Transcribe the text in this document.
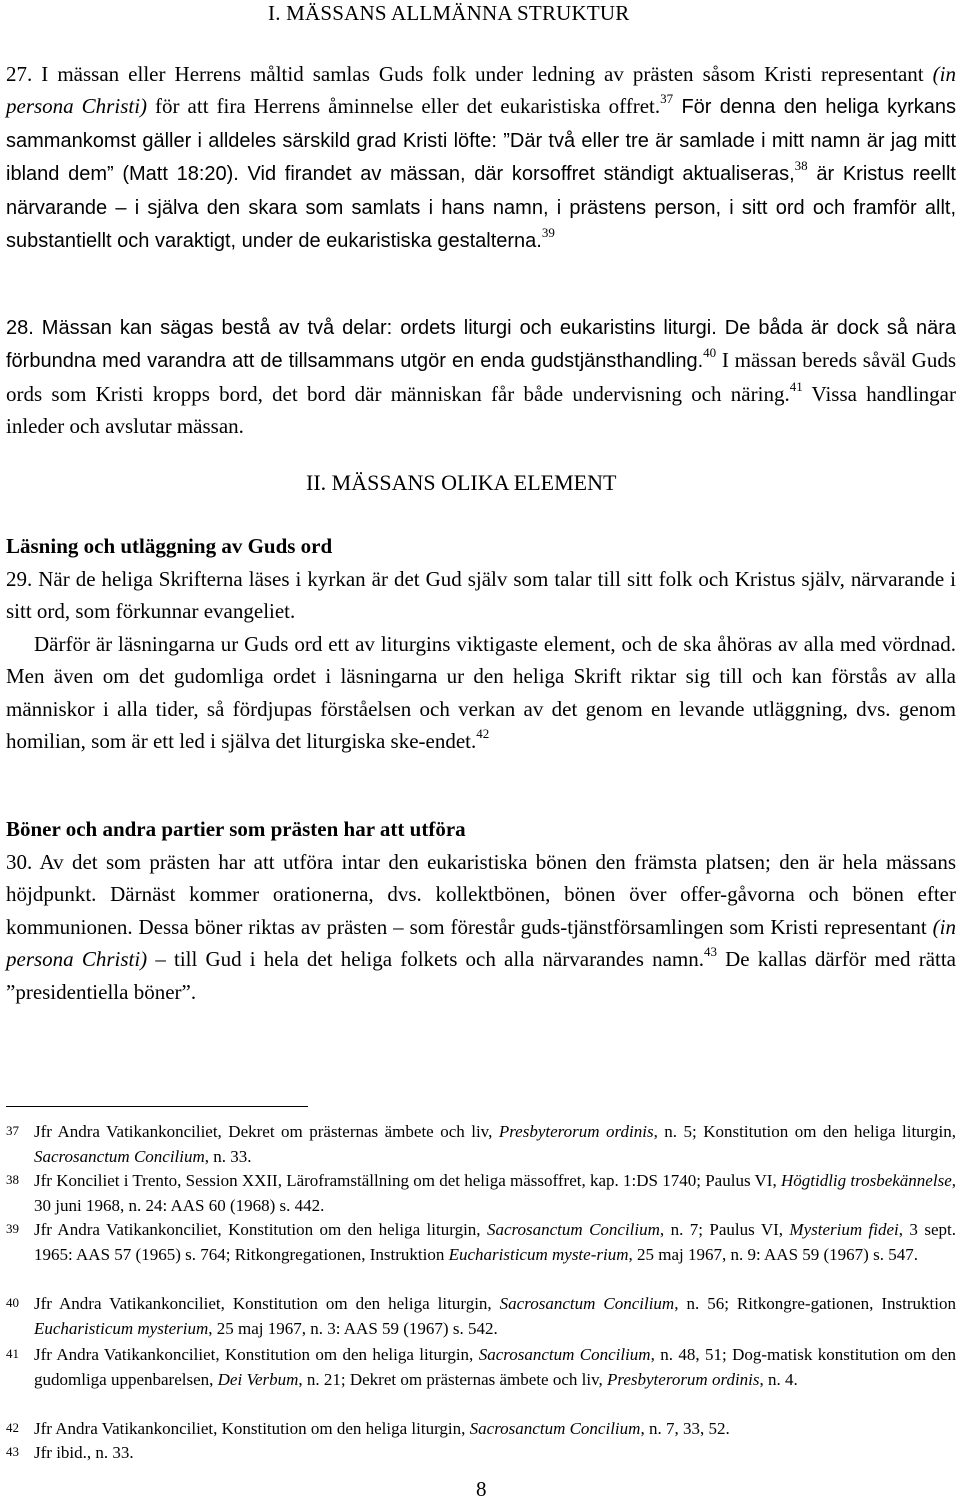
I. MÄSSANS ALLMÄNNA STRUKTUR
27. I mässan eller Herrens måltid samlas Guds folk under ledning av prästen såsom Kristi representant (in persona Christi) för att fira Herrens åminnelse eller det eukaristiska offret.$^{37}$ För denna den heliga kyrkans sammankomst gäller i alldeles särskild grad Kristi löfte: ”Där två eller tre är samlade i mitt namn är jag mitt ibland dem” (Matt 18:20). Vid firandet av mässan, där korsoffret ständigt aktualiseras,$^{38}$ är Kristus reellt närvarande – i själva den skara som samlats i hans namn, i prästens person, i sitt ord och framför allt, substantiellt och varaktigt, under de eukaristiska gestalterna.$^{39}$
28. Mässan kan sägas bestå av två delar: ordets liturgi och eukaristins liturgi. De båda är dock så nära förbundna med varandra att de tillsammans utgör en enda gudstjänsthandling.$^{40}$ I mässan bereds såväl Guds ords som Kristi kropps bord, det bord där människan får både undervisning och näring.$^{41}$ Vissa handlingar inleder och avslutar mässan.
II. MÄSSANS OLIKA ELEMENT
Läsning och utläggning av Guds ord
29. När de heliga Skrifterna läses i kyrkan är det Gud själv som talar till sitt folk och Kristus själv, närvarande i sitt ord, som förkunnar evangeliet.
Därför är läsningarna ur Guds ord ett av liturgins viktigaste element, och de ska åhöras av alla med vördnad. Men även om det gudomliga ordet i läsningarna ur den heliga Skrift riktar sig till och kan förstås av alla människor i alla tider, så fördjupas förståelsen och verkan av det genom en levande utläggning, dvs. genom homilian, som är ett led i själva det liturgiska ske-endet.$^{42}$
Böner och andra partier som prästen har att utföra
30. Av det som prästen har att utföra intar den eukaristiska bönen den främsta platsen; den är hela mässans höjdpunkt. Därnäst kommer orationerna, dvs. kollektbönen, bönen över offer-gåvorna och bönen efter kommunionen. Dessa böner riktas av prästen – som förestår guds-tjänstförsamlingen som Kristi representant (in persona Christi) – till Gud i hela det heliga folkets och alla närvarandes namn.$^{43}$ De kallas därför med rätta ”presidentiella böner”.
37 Jfr Andra Vatikankonciliet, Dekret om prästernas ämbete och liv, Presbyterorum ordinis, n. 5; Konstitution om den heliga liturgin, Sacrosanctum Concilium, n. 33.
38 Jfr Konciliet i Trento, Session XXII, Läroframställning om det heliga mässoffret, kap. 1:DS 1740; Paulus VI, Högtidlig trosbekännelse, 30 juni 1968, n. 24: AAS 60 (1968) s. 442.
39 Jfr Andra Vatikankonciliet, Konstitution om den heliga liturgin, Sacrosanctum Concilium, n. 7; Paulus VI, Mysterium fidei, 3 sept. 1965: AAS 57 (1965) s. 764; Ritkongregationen, Instruktion Eucharisticum myste-rium, 25 maj 1967, n. 9: AAS 59 (1967) s. 547.
40 Jfr Andra Vatikankonciliet, Konstitution om den heliga liturgin, Sacrosanctum Concilium, n. 56; Ritkongre-gationen, Instruktion Eucharisticum mysterium, 25 maj 1967, n. 3: AAS 59 (1967) s. 542.
41 Jfr Andra Vatikankonciliet, Konstitution om den heliga liturgin, Sacrosanctum Concilium, n. 48, 51; Dog-matisk konstitution om den gudomliga uppenbarelsen, Dei Verbum, n. 21; Dekret om prästernas ämbete och liv, Presbyterorum ordinis, n. 4.
42 Jfr Andra Vatikankonciliet, Konstitution om den heliga liturgin, Sacrosanctum Concilium, n. 7, 33, 52.
43 Jfr ibid., n. 33.
8
